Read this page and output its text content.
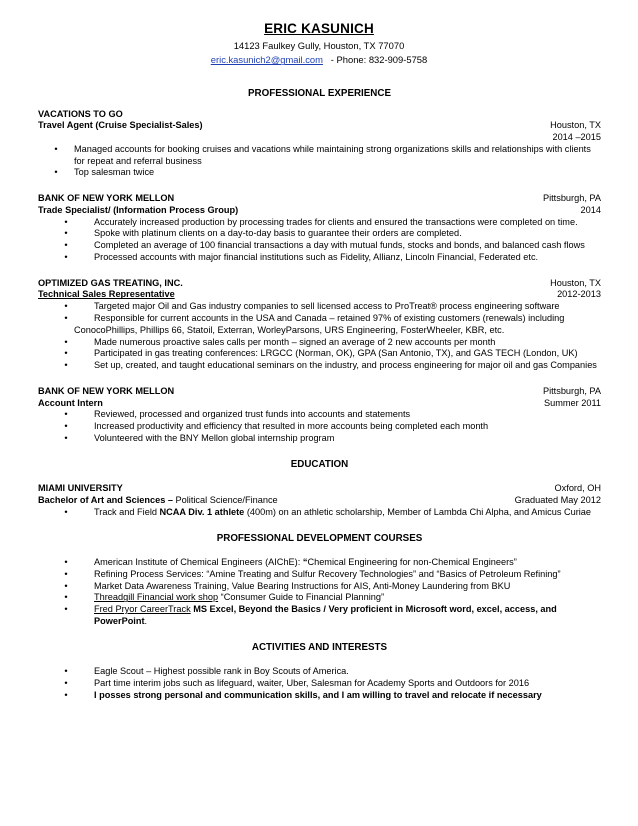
ERIC KASUNICH
14123 Faulkey Gully, Houston, TX 77070
eric.kasunich2@gmail.com - Phone: 832-909-5758
PROFESSIONAL EXPERIENCE
VACATIONS TO GO
Travel Agent (Cruise Specialist-Sales)	Houston, TX
2014 –2015
•	Managed accounts for booking cruises and vacations while maintaining strong organizations skills and relationships with clients for repeat and referral business
•	Top salesman twice
BANK OF NEW YORK MELLON	Pittsburgh, PA
Trade Specialist/ (Information Process Group)	2014
•	Accurately increased production by processing trades for clients and ensured the transactions were completed on time.
•	Spoke with platinum clients on a day-to-day basis to guarantee their orders are completed.
•	Completed an average of 100 financial transactions a day with mutual funds, stocks and bonds, and balanced cash flows
•	Processed accounts with major financial institutions such as Fidelity, Allianz, Lincoln Financial, Federated etc.
OPTIMIZED GAS TREATING, INC.	Houston, TX
Technical Sales Representative	2012-2013
•	Targeted major Oil and Gas industry companies to sell licensed access to ProTreat® process engineering software
•	Responsible for current accounts in the USA and Canada – retained 97% of existing customers (renewals) including
ConocoPhillips, Phillips 66, Statoil, Exterran, WorleyParsons, URS Engineering, FosterWheeler, KBR, etc.
•	Made numerous proactive sales calls per month – signed an average of 2 new accounts per month
•	Participated in gas treating conferences: LRGCC (Norman, OK), GPA (San Antonio, TX), and GAS TECH (London, UK)
•	Set up, created, and taught educational seminars on the industry, and process engineering for major oil and gas Companies
BANK OF NEW YORK MELLON	Pittsburgh, PA
Account Intern	Summer 2011
•	Reviewed, processed and organized trust funds into accounts and statements
•	Increased productivity and efficiency that resulted in more accounts being completed each month
•	Volunteered with the BNY Mellon global internship program
EDUCATION
MIAMI UNIVERSITY	Oxford, OH
Bachelor of Art and Sciences – Political Science/Finance	Graduated May 2012
•	Track and Field NCAA Div. 1 athlete (400m) on an athletic scholarship, Member of Lambda Chi Alpha, and Amicus Curiae
PROFESSIONAL DEVELOPMENT COURSES
•	American Institute of Chemical Engineers (AIChE): “Chemical Engineering for non-Chemical Engineers”
•	Refining Process Services: “Amine Treating and Sulfur Recovery Technologies” and “Basics of Petroleum Refining”
•	Market Data Awareness Training, Value Bearing Instructions for AIS, Anti-Money Laundering from BKU
•	Threadgill Financial work shop “Consumer Guide to Financial Planning”
•	Fred Pryor CareerTrack MS Excel, Beyond the Basics / Very proficient in Microsoft word, excel, access, and PowerPoint.
ACTIVITIES AND INTERESTS
•	Eagle Scout – Highest possible rank in Boy Scouts of America.
•	Part time interim jobs such as lifeguard, waiter, Uber, Salesman for Academy Sports and Outdoors for 2016
•	I posses strong personal and communication skills, and I am willing to travel and relocate if necessary
